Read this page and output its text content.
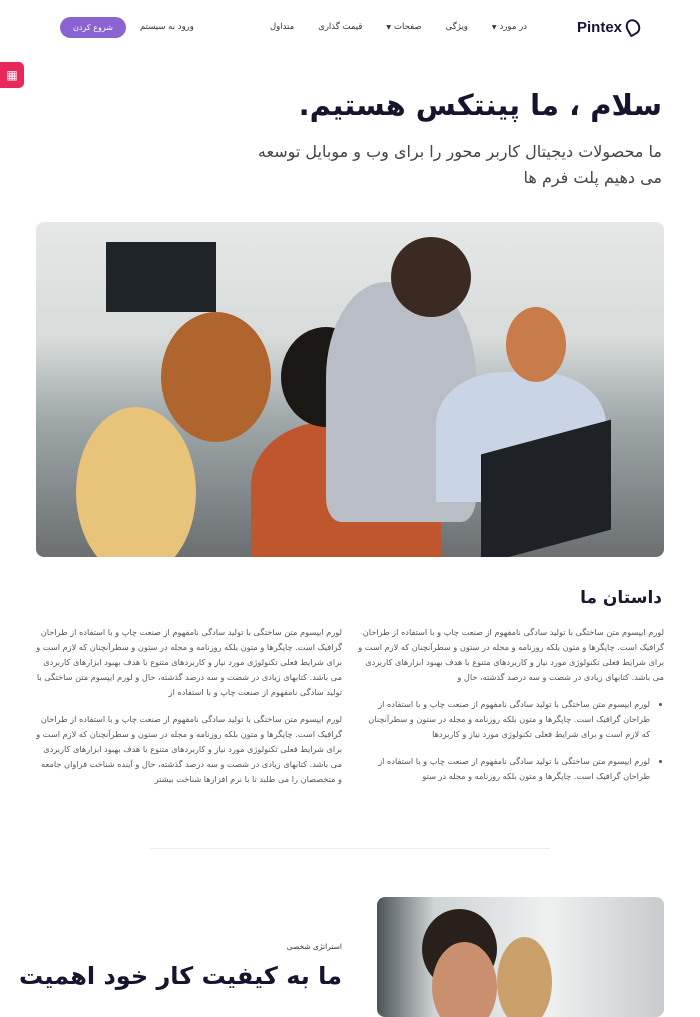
Pintex
در مورد▼
ویژگی
صفحات▼
قیمت گذاری
متداول
ورود به سیستم
شروع کردن
▦
سلام ، ما پینتکس هستیم.
ما محصولات دیجیتال کاربر محور را برای وب و موبایل توسعه می دهیم پلت فرم ها
داستان ما

لورم ایپسوم متن ساختگی با تولید سادگی نامفهوم از صنعت چاپ و با استفاده از طراحان گرافیک است. چاپگرها و متون بلکه روزنامه و مجله در ستون و سطرآنچنان که لازم است و برای شرایط فعلی تکنولوژی مورد نیاز و کاربردهای متنوع با هدف بهبود ابزارهای کاربردی می باشد. کتابهای زیادی در شصت و سه درصد گذشته، حال و

• لورم ایپسوم متن ساختگی با تولید سادگی نامفهوم از صنعت چاپ و با استفاده از طراحان گرافیک است. چاپگرها و متون بلکه روزنامه و مجله در ستون و سطرآنچنان که لازم است و برای شرایط فعلی تکنولوژی مورد نیاز و کاربردها
• لورم ایپسوم متن ساختگی با تولید سادگی نامفهوم از صنعت چاپ و با استفاده از طراحان گرافیک است. چاپگرها و متون بلکه روزنامه و مجله در ستو

لورم ایپسوم متن ساختگی با تولید سادگی نامفهوم از صنعت چاپ و با استفاده از طراحان گرافیک است. چاپگرها و متون بلکه روزنامه و مجله در ستون و سطرآنچنان که لازم است و برای شرایط فعلی تکنولوژی مورد نیاز و کاربردهای متنوع با هدف بهبود ابزارهای کاربردی می باشد. کتابهای زیادی در شصت و سه درصد گذشته، حال و لورم ایپسوم متن ساختگی با تولید سادگی نامفهوم از صنعت چاپ و با استفاده از

لورم ایپسوم متن ساختگی با تولید سادگی نامفهوم از صنعت چاپ و با استفاده از طراحان گرافیک است. چاپگرها و متون بلکه روزنامه و مجله در ستون و سطرآنچنان که لازم است و برای شرایط فعلی تکنولوژی مورد نیاز و کاربردهای متنوع با هدف بهبود ابزارهای کاربردی می باشد. کتابهای زیادی در شصت و سه درصد گذشته، حال و آینده شناخت فراوان جامعه و متخصصان را می طلبد تا با نرم افزارها شناخت بیشتر

استراتژی شخصی
ما به کیفیت کار خود اهمیت
